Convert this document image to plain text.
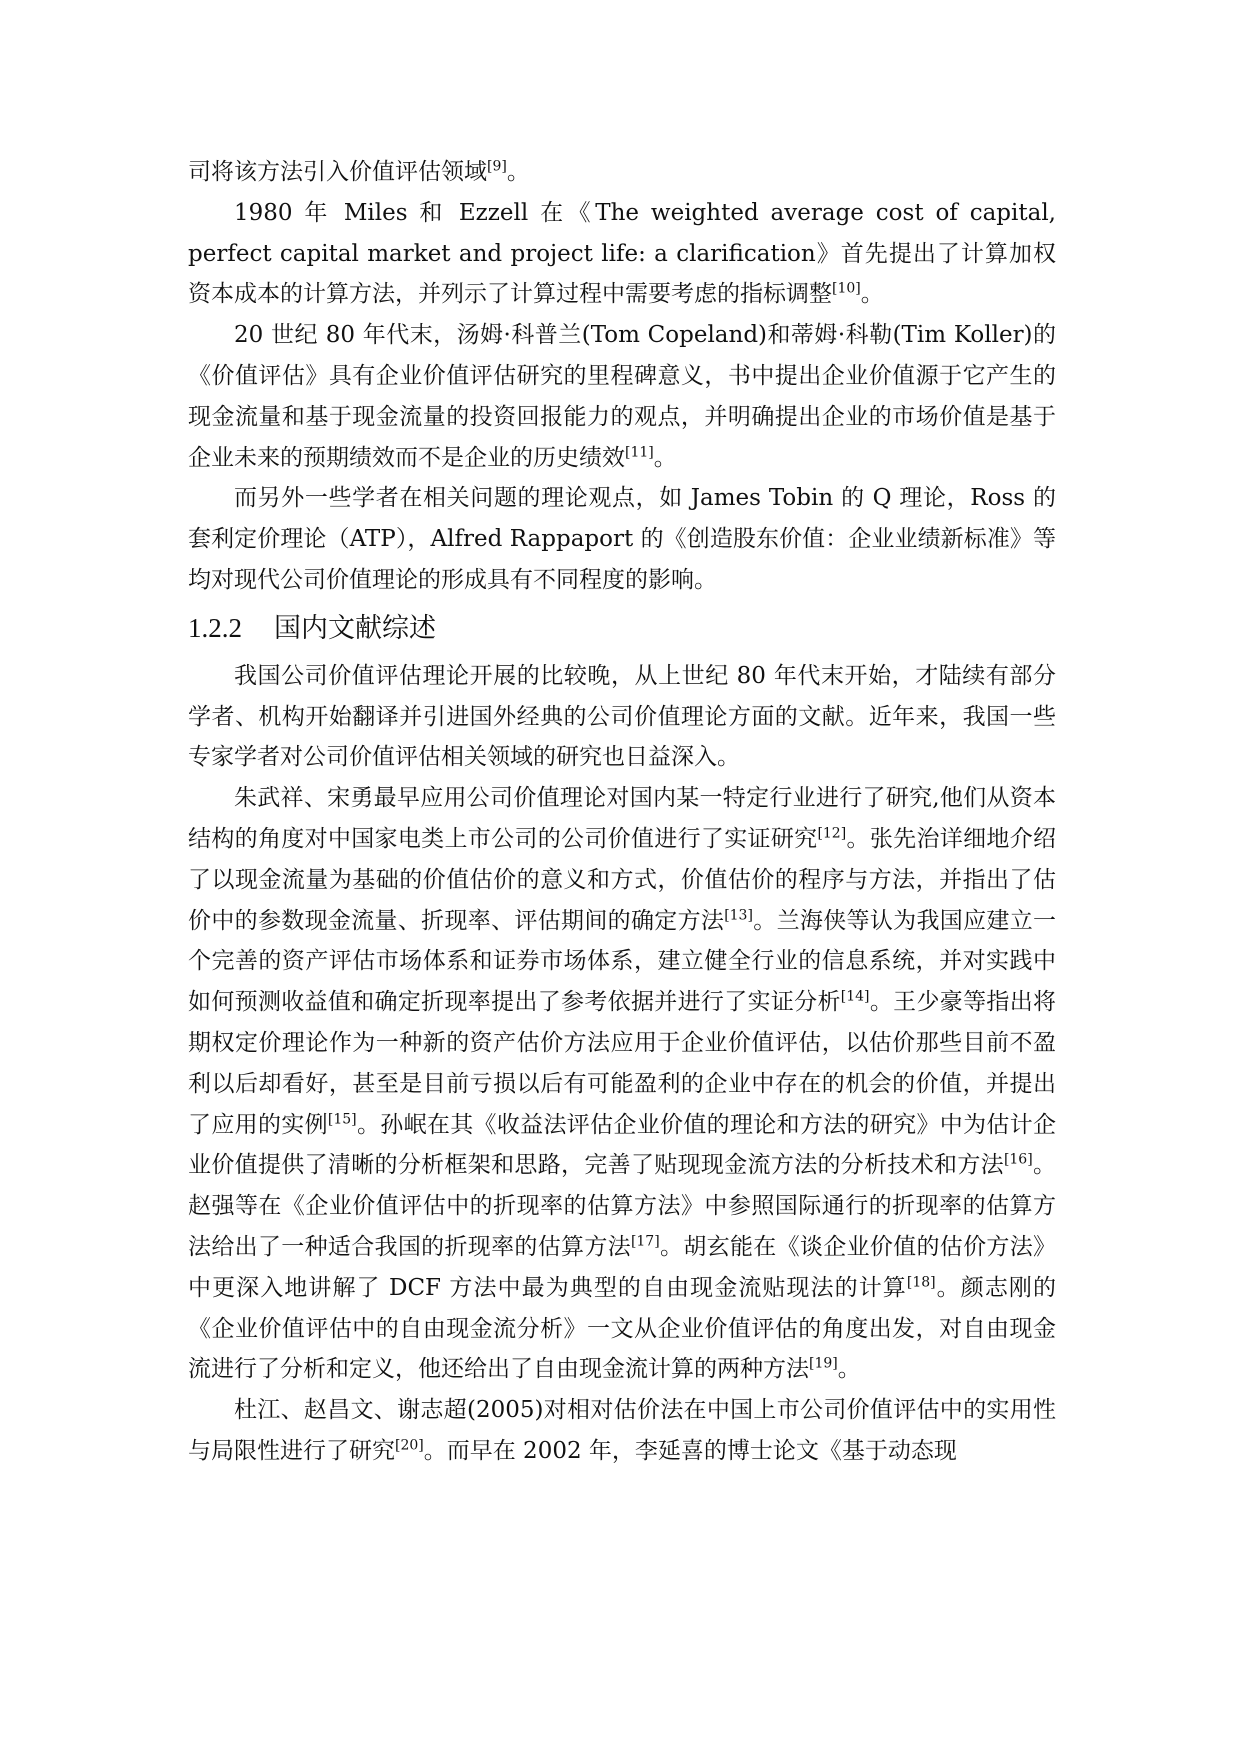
司将该方法引入价值评估领域[9]。

1980 年 Miles 和 Ezzell 在《The weighted average cost of capital, perfect capital market and project life: a clarification》首先提出了计算加权资本成本的计算方法，并列示了计算过程中需要考虑的指标调整[10]。

20 世纪 80 年代末，汤姆·科普兰(Tom Copeland)和蒂姆·科勒(Tim Koller)的《价值评估》具有企业价值评估研究的里程碑意义，书中提出企业价值源于它产生的现金流量和基于现金流量的投资回报能力的观点，并明确提出企业的市场价值是基于企业未来的预期绩效而不是企业的历史绩效[11]。

而另外一些学者在相关问题的理论观点，如 James Tobin 的 Q 理论，Ross 的套利定价理论（ATP），Alfred Rappaport 的《创造股东价值：企业业绩新标准》等均对现代公司价值理论的形成具有不同程度的影响。

1.2.2 国内文献综述

我国公司价值评估理论开展的比较晚，从上世纪 80 年代末开始，才陆续有部分学者、机构开始翻译并引进国外经典的公司价值理论方面的文献。近年来，我国一些专家学者对公司价值评估相关领域的研究也日益深入。

朱武祥、宋勇最早应用公司价值理论对国内某一特定行业进行了研究,他们从资本结构的角度对中国家电类上市公司的公司价值进行了实证研究[12]。张先治详细地介绍了以现金流量为基础的价值估价的意义和方式，价值估价的程序与方法，并指出了估价中的参数现金流量、折现率、评估期间的确定方法[13]。兰海侠等认为我国应建立一个完善的资产评估市场体系和证券市场体系，建立健全行业的信息系统，并对实践中如何预测收益值和确定折现率提出了参考依据并进行了实证分析[14]。王少豪等指出将期权定价理论作为一种新的资产估价方法应用于企业价值评估，以估价那些目前不盈利以后却看好，甚至是目前亏损以后有可能盈利的企业中存在的机会的价值，并提出了应用的实例[15]。孙岷在其《收益法评估企业价值的理论和方法的研究》中为估计企业价值提供了清晰的分析框架和思路，完善了贴现现金流方法的分析技术和方法[16]。赵强等在《企业价值评估中的折现率的估算方法》中参照国际通行的折现率的估算方法给出了一种适合我国的折现率的估算方法[17]。胡玄能在《谈企业价值的估价方法》中更深入地讲解了 DCF 方法中最为典型的自由现金流贴现法的计算[18]。颜志刚的《企业价值评估中的自由现金流分析》一文从企业价值评估的角度出发，对自由现金流进行了分析和定义，他还给出了自由现金流计算的两种方法[19]。

杜江、赵昌文、谢志超(2005)对相对估价法在中国上市公司价值评估中的实用性与局限性进行了研究[20]。而早在 2002 年，李延喜的博士论文《基于动态现
